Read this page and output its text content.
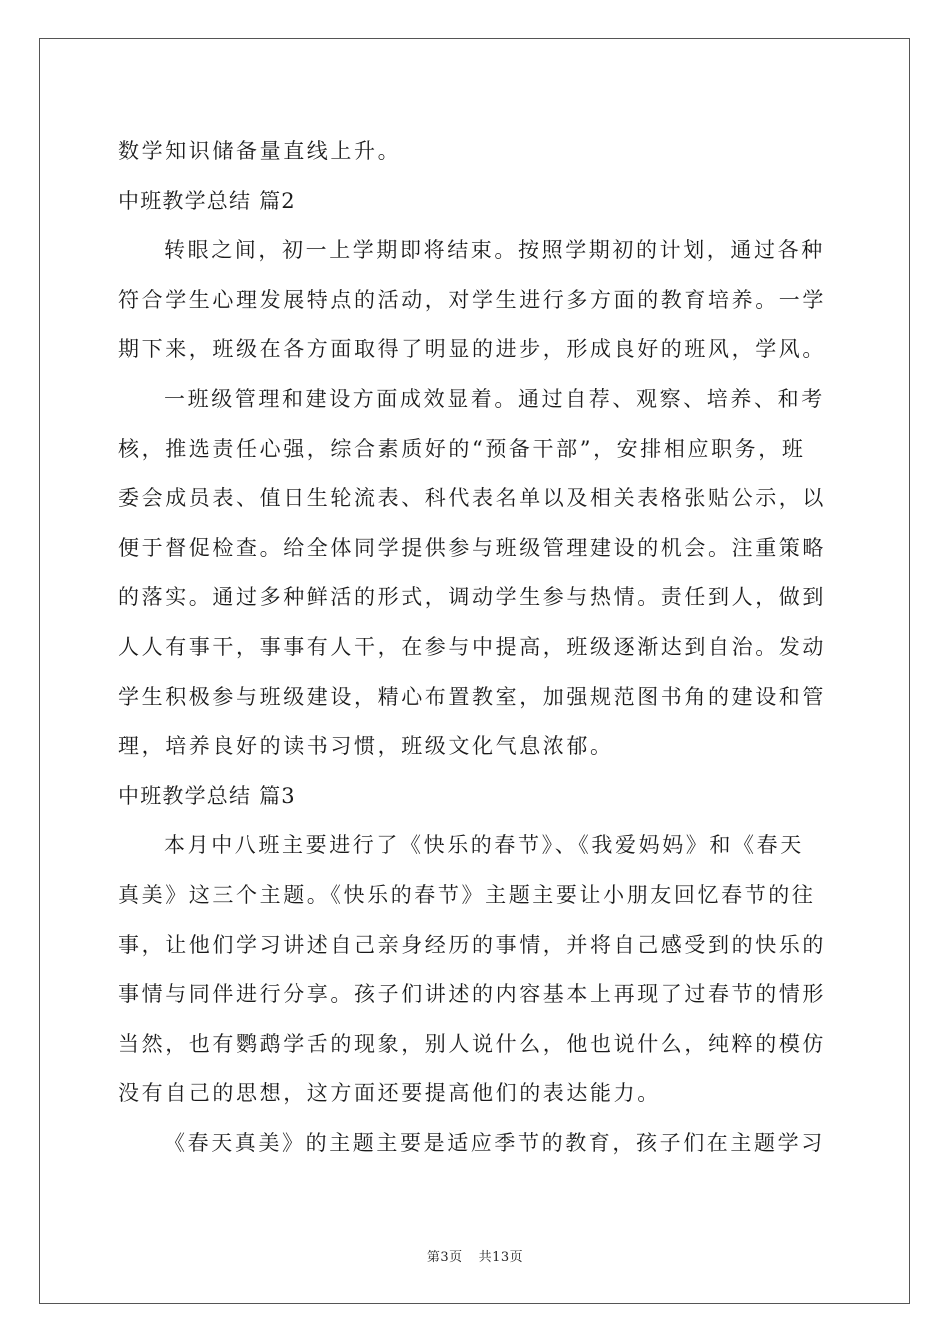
数学知识储备量直线上升。
中班教学总结 篇2
转眼之间，初一上学期即将结束。按照学期初的计划，通过各种
符合学生心理发展特点的活动，对学生进行多方面的教育培养。一学
期下来，班级在各方面取得了明显的进步，形成良好的班风，学风。
一班级管理和建设方面成效显着。通过自荐、观察、培养、和考
核，推选责任心强，综合素质好的“预备干部”，安排相应职务，班
委会成员表、值日生轮流表、科代表名单以及相关表格张贴公示，以
便于督促检查。给全体同学提供参与班级管理建设的机会。注重策略
的落实。通过多种鲜活的形式，调动学生参与热情。责任到人，做到
人人有事干，事事有人干，在参与中提高，班级逐渐达到自治。发动
学生积极参与班级建设，精心布置教室，加强规范图书角的建设和管
理，培养良好的读书习惯，班级文化气息浓郁。
中班教学总结 篇3
本月中八班主要进行了《快乐的春节》、《我爱妈妈》和《春天
真美》这三个主题。《快乐的春节》主题主要让小朋友回忆春节的往
事，让他们学习讲述自己亲身经历的事情，并将自己感受到的快乐的
事情与同伴进行分享。孩子们讲述的内容基本上再现了过春节的情形
当然，也有鹦鹉学舌的现象，别人说什么，他也说什么，纯粹的模仿
没有自己的思想，这方面还要提高他们的表达能力。
《春天真美》的主题主要是适应季节的教育，孩子们在主题学习
第3页 共13页
